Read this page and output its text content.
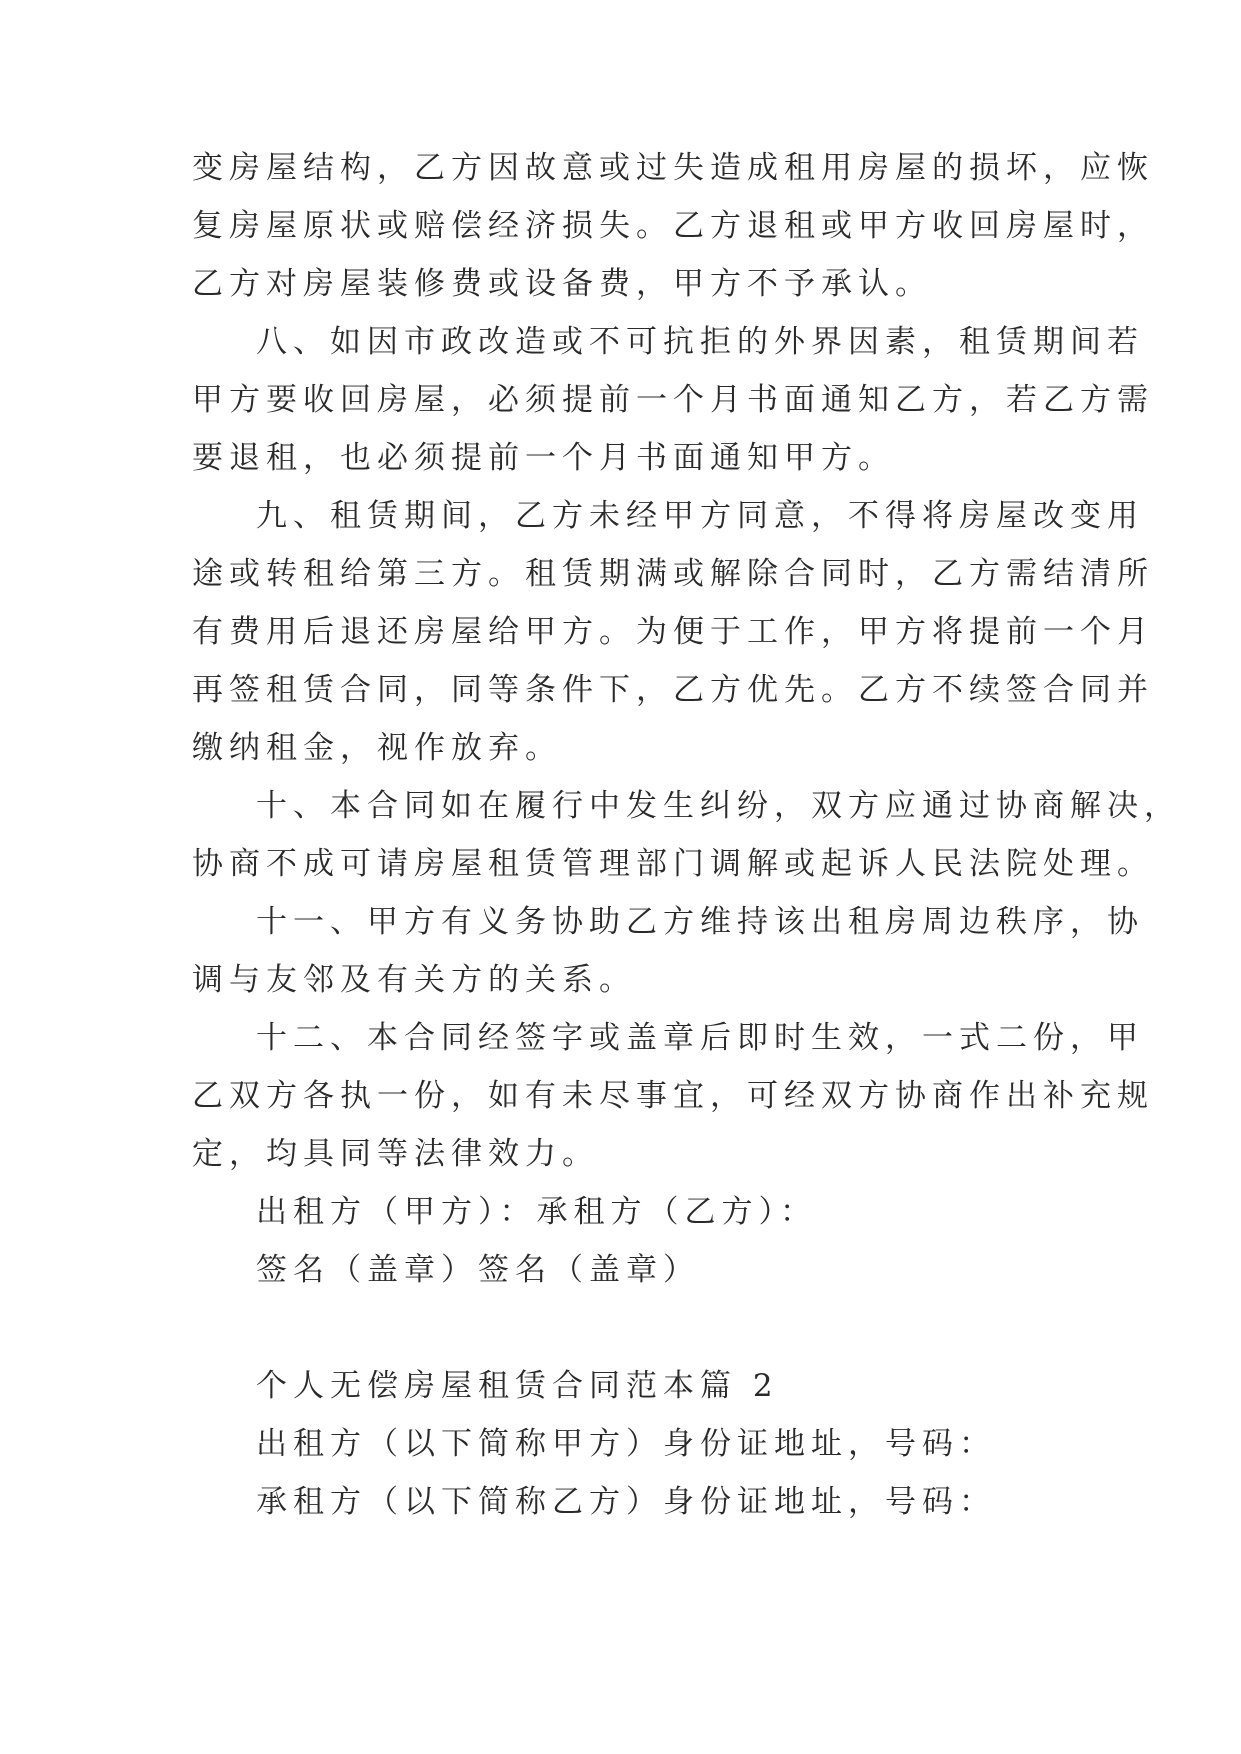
变房屋结构，乙方因故意或过失造成租用房屋的损坏，应恢
复房屋原状或赔偿经济损失。乙方退租或甲方收回房屋时，
乙方对房屋装修费或设备费，甲方不予承认。
八、如因市政改造或不可抗拒的外界因素，租赁期间若
甲方要收回房屋，必须提前一个月书面通知乙方，若乙方需
要退租，也必须提前一个月书面通知甲方。
九、租赁期间，乙方未经甲方同意，不得将房屋改变用
途或转租给第三方。租赁期满或解除合同时，乙方需结清所
有费用后退还房屋给甲方。为便于工作，甲方将提前一个月
再签租赁合同，同等条件下，乙方优先。乙方不续签合同并
缴纳租金，视作放弃。
十、本合同如在履行中发生纠纷，双方应通过协商解决，
协商不成可请房屋租赁管理部门调解或起诉人民法院处理。
十一、甲方有义务协助乙方维持该出租房周边秩序，协
调与友邻及有关方的关系。
十二、本合同经签字或盖章后即时生效，一式二份，甲
乙双方各执一份，如有未尽事宜，可经双方协商作出补充规
定，均具同等法律效力。
出租方（甲方）：承租方（乙方）：
签名（盖章）签名（盖章）
个人无偿房屋租赁合同范本篇 2
出租方（以下简称甲方）身份证地址，号码：
承租方（以下简称乙方）身份证地址，号码：
